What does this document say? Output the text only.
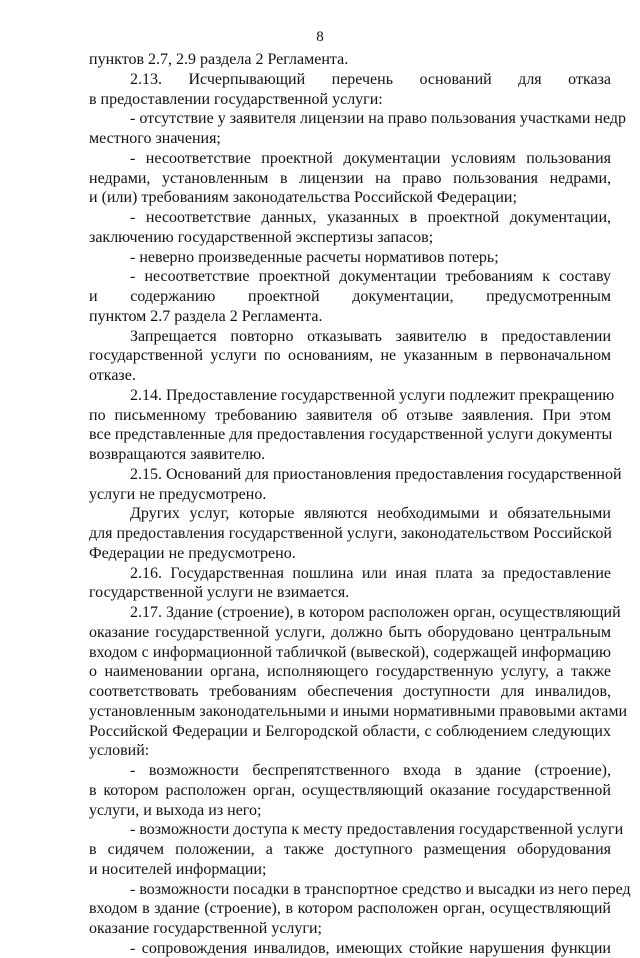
8
пунктов 2.7, 2.9 раздела 2 Регламента.
2.13. Исчерпывающий перечень оснований для отказа
в предоставлении государственной услуги:
- отсутствие у заявителя лицензии на право пользования участками недр
местного значения;
- несоответствие проектной документации условиям пользования
недрами, установленным в лицензии на право пользования недрами,
и (или) требованиям законодательства Российской Федерации;
- несоответствие данных, указанных в проектной документации,
заключению государственной экспертизы запасов;
- неверно произведенные расчеты нормативов потерь;
- несоответствие проектной документации требованиям к составу
и содержанию проектной документации, предусмотренным
пунктом 2.7 раздела 2 Регламента.
Запрещается повторно отказывать заявителю в предоставлении
государственной услуги по основаниям, не указанным в первоначальном
отказе.
2.14. Предоставление государственной услуги подлежит прекращению
по письменному требованию заявителя об отзыве заявления. При этом
все представленные для предоставления государственной услуги документы
возвращаются заявителю.
2.15. Оснований для приостановления предоставления государственной
услуги не предусмотрено.
Других услуг, которые являются необходимыми и обязательными
для предоставления государственной услуги, законодательством Российской
Федерации не предусмотрено.
2.16. Государственная пошлина или иная плата за предоставление
государственной услуги не взимается.
2.17. Здание (строение), в котором расположен орган, осуществляющий
оказание государственной услуги, должно быть оборудовано центральным
входом с информационной табличкой (вывеской), содержащей информацию
о наименовании органа, исполняющего государственную услугу, а также
соответствовать требованиям обеспечения доступности для инвалидов,
установленным законодательными и иными нормативными правовыми актами
Российской Федерации и Белгородской области, с соблюдением следующих
условий:
- возможности беспрепятственного входа в здание (строение),
в котором расположен орган, осуществляющий оказание государственной
услуги, и выхода из него;
- возможности доступа к месту предоставления государственной услуги
в сидячем положении, а также доступного размещения оборудования
и носителей информации;
- возможности посадки в транспортное средство и высадки из него перед
входом в здание (строение), в котором расположен орган, осуществляющий
оказание государственной услуги;
- сопровождения инвалидов, имеющих стойкие нарушения функции
